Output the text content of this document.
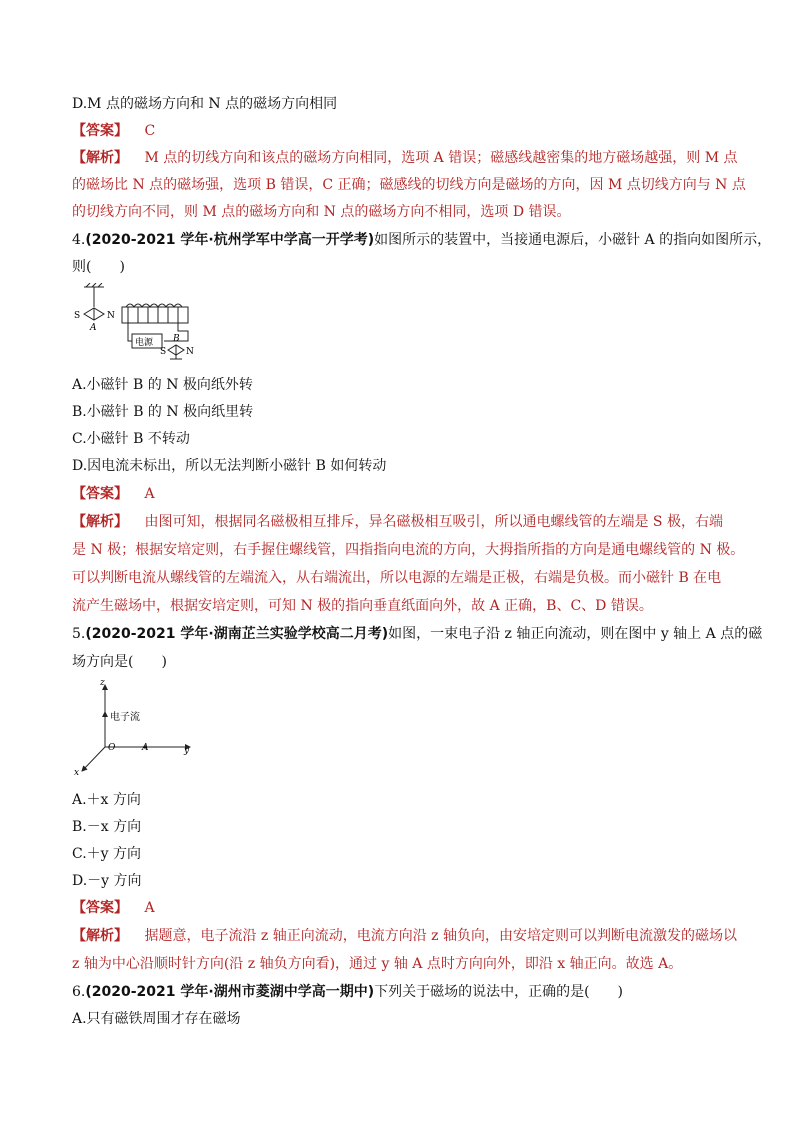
D.M 点的磁场方向和 N 点的磁场方向相同
【答案】 C
【解析】 M 点的切线方向和该点的磁场方向相同，选项 A 错误；磁感线越密集的地方磁场越强，则 M 点
的磁场比 N 点的磁场强，选项 B 错误，C 正确；磁感线的切线方向是磁场的方向，因 M 点切线方向与 N 点
的切线方向不同，则 M 点的磁场方向和 N 点的磁场方向不相同，选项 D 错误。
4.(2020-2021 学年·杭州学军中学高一开学考)如图所示的装置中，当接通电源后，小磁针 A 的指向如图所示，
则(　　)
S	N
A
电源 B
S N
A.小磁针 B 的 N 极向纸外转
B.小磁针 B 的 N 极向纸里转
C.小磁针 B 不转动
D.因电流未标出，所以无法判断小磁针 B 如何转动
【答案】 A
【解析】 由图可知，根据同名磁极相互排斥，异名磁极相互吸引，所以通电螺线管的左端是 S 极，右端
是 N 极；根据安培定则，右手握住螺线管，四指指向电流的方向，大拇指所指的方向是通电螺线管的 N 极。
可以判断电流从螺线管的左端流入，从右端流出，所以电源的左端是正极，右端是负极。而小磁针 B 在电
流产生磁场中，根据安培定则，可知 N 极的指向垂直纸面向外，故 A 正确，B、C、D 错误。
5.(2020-2021 学年·湖南芷兰实验学校高二月考)如图，一束电子沿 z 轴正向流动，则在图中 y 轴上 A 点的磁
场方向是(　　)
z
电子流
y
x
O	A
A.＋x 方向
B.－x 方向
C.＋y 方向
D.－y 方向
【答案】 A
【解析】 据题意，电子流沿 z 轴正向流动，电流方向沿 z 轴负向，由安培定则可以判断电流激发的磁场以
z 轴为中心沿顺时针方向(沿 z 轴负方向看)，通过 y 轴 A 点时方向向外，即沿 x 轴正向。故选 A。
6.(2020-2021 学年·湖州市菱湖中学高一期中)下列关于磁场的说法中，正确的是(　　)
A.只有磁铁周围才存在磁场
